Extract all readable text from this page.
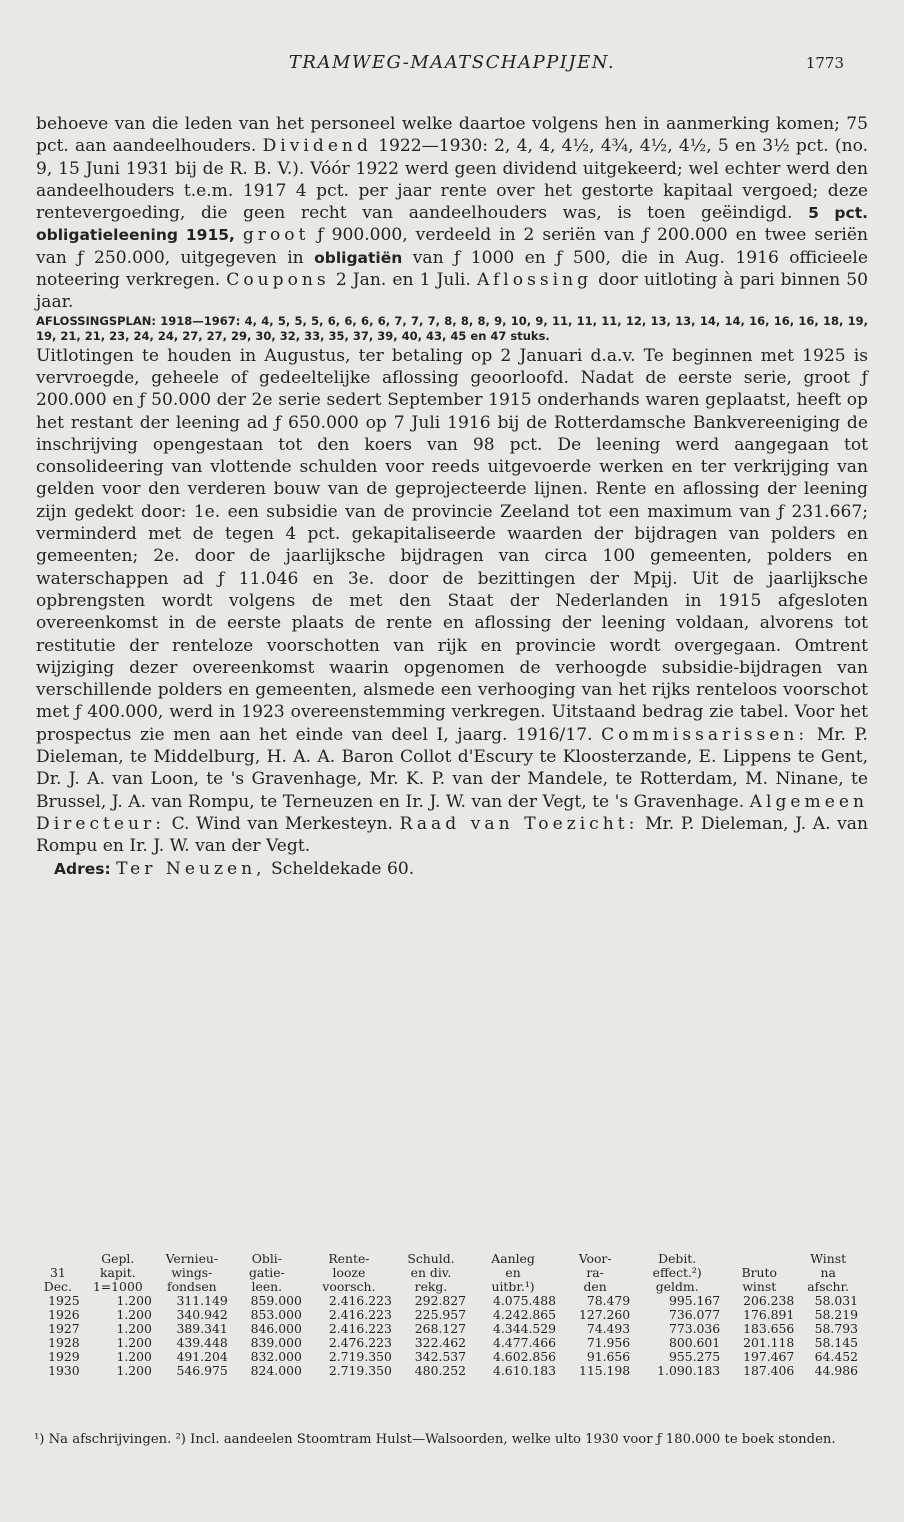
TRAMWEG-MAATSCHAPPIJEN.	1773

behoeve van die leden van het personeel welke daartoe volgens hen in aanmerking komen; 75 pct. aan aandeelhouders. Dividend 1922—1930: 2, 4, 4, 4½, 4¾, 4½, 4½, 5 en 3½ pct. (no. 9, 15 Juni 1931 bij de R. B. V.). Vóór 1922 werd geen dividend uitgekeerd; wel echter werd den aandeelhouders t.e.m. 1917 4 pct. per jaar rente over het gestorte kapitaal vergoed; deze rentevergoeding, die geen recht van aandeelhouders was, is toen geëindigd. 5 pct. obligatieleening 1915, groot ƒ 900.000, verdeeld in 2 seriën van ƒ 200.000 en twee seriën van ƒ 250.000, uitgegeven in obligatiën van ƒ 1000 en ƒ 500, die in Aug. 1916 officieele noteering verkregen. Coupons 2 Jan. en 1 Juli. Aflossing door uitloting à pari binnen 50 jaar.

AFLOSSINGSPLAN: 1918—1967: 4, 4, 5, 5, 5, 6, 6, 6, 6, 7, 7, 7, 8, 8, 8, 9, 10, 9, 11, 11, 11, 12, 13, 13, 14, 14, 16, 16, 16, 18, 19, 19, 21, 21, 23, 24, 24, 27, 27, 29, 30, 32, 33, 35, 37, 39, 40, 43, 45 en 47 stuks.

Uitlotingen te houden in Augustus, ter betaling op 2 Januari d.a.v. Te beginnen met 1925 is vervroegde, geheele of gedeeltelijke aflossing geoorloofd. Nadat de eerste serie, groot ƒ 200.000 en ƒ 50.000 der 2e serie sedert September 1915 onderhands waren geplaatst, heeft op het restant der leening ad ƒ 650.000 op 7 Juli 1916 bij de Rotterdamsche Bankvereeniging de inschrijving opengestaan tot den koers van 98 pct. De leening werd aangegaan tot consolideering van vlottende schulden voor reeds uitgevoerde werken en ter verkrijging van gelden voor den verderen bouw van de geprojecteerde lijnen. Rente en aflossing der leening zijn gedekt door: 1e. een subsidie van de provincie Zeeland tot een maximum van ƒ 231.667; verminderd met de tegen 4 pct. gekapitaliseerde waarden der bijdragen van polders en gemeenten; 2e. door de jaarlijksche bijdragen van circa 100 gemeenten, polders en waterschappen ad ƒ 11.046 en 3e. door de bezittingen der Mpij. Uit de jaarlijksche opbrengsten wordt volgens de met den Staat der Nederlanden in 1915 afgesloten overeenkomst in de eerste plaats de rente en aflossing der leening voldaan, alvorens tot restitutie der renteloze voorschotten van rijk en provincie wordt overgegaan. Omtrent wijziging dezer overeenkomst waarin opgenomen de verhoogde subsidie-bijdragen van verschillende polders en gemeenten, alsmede een verhooging van het rijks renteloos voorschot met ƒ 400.000, werd in 1923 overeenstemming verkregen. Uitstaand bedrag zie tabel. Voor het prospectus zie men aan het einde van deel I, jaarg. 1916/17. Commissarissen: Mr. P. Dieleman, te Middelburg, H. A. A. Baron Collot d'Escury te Kloosterzande, E. Lippens te Gent, Dr. J. A. van Loon, te 's Gravenhage, Mr. K. P. van der Mandele, te Rotterdam, M. Ninane, te Brussel, J. A. van Rompu, te Terneuzen en Ir. J. W. van der Vegt, te 's Gravenhage. Algemeen Directeur: C. Wind van Merkesteyn. Raad van Toezicht: Mr. P. Dieleman, J. A. van Rompu en Ir. J. W. van der Vegt.

Adres: Ter Neuzen, Scheldekade 60.

	Gepl.	Vernieu-	Obli-	Rente-	Schuld.	Aanleg	Voor-	Debit.		Winst
31	kapit.	wings-	gatie-	looze	en div.	en	ra-	effect.²)	Bruto	na
Dec.	1=1000	fondsen	leen.	voorsch.	rekg.	uitbr.¹)	den	geldm.	winst	afschr.
1925	1.200	311.149	859.000	2.416.223	292.827	4.075.488	78.479	995.167	206.238	58.031
1926	1.200	340.942	853.000	2.416.223	225.957	4.242.865	127.260	736.077	176.891	58.219
1927	1.200	389.341	846.000	2.416.223	268.127	4.344.529	74.493	773.036	183.656	58.793
1928	1.200	439.448	839.000	2.476.223	322.462	4.477.466	71.956	800.601	201.118	58.145
1929	1.200	491.204	832.000	2.719.350	342.537	4.602.856	91.656	955.275	197.467	64.452
1930	1.200	546.975	824.000	2.719.350	480.252	4.610.183	115.198	1.090.183	187.406	44.986
¹) Na afschrijvingen. ²) Incl. aandeelen Stoomtram Hulst—Walsoorden, welke ulto 1930 voor ƒ 180.000 te boek stonden.
